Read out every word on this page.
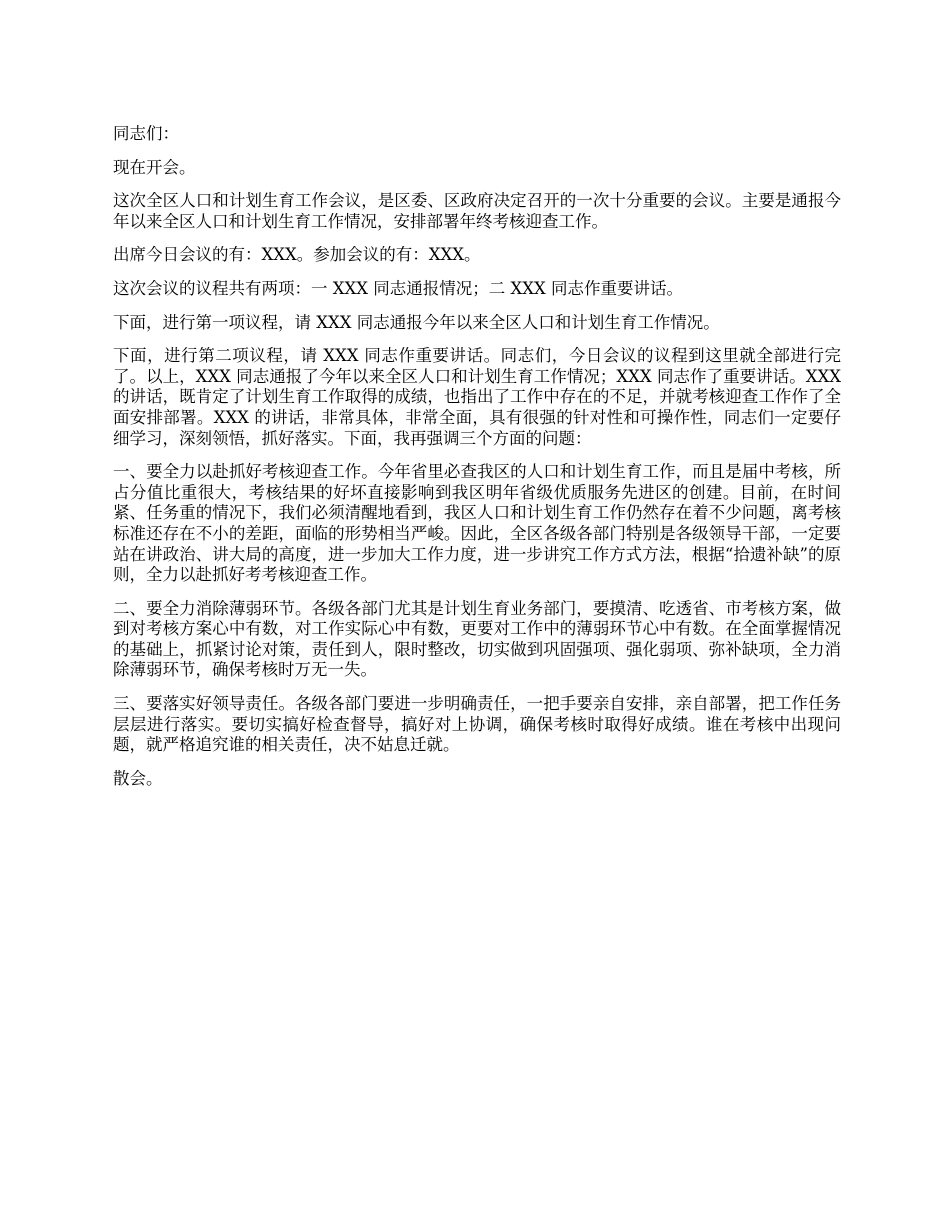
同志们：

现在开会。

这次全区人口和计划生育工作会议，是区委、区政府决定召开的一次十分重要的会议。主要是通报今年以来全区人口和计划生育工作情况，安排部署年终考核迎查工作。

出席今日会议的有：XXX。参加会议的有：XXX。

这次会议的议程共有两项：一 XXX 同志通报情况；二 XXX 同志作重要讲话。

下面，进行第一项议程，请 XXX 同志通报今年以来全区人口和计划生育工作情况。

下面，进行第二项议程，请 XXX 同志作重要讲话。同志们，今日会议的议程到这里就全部进行完了。以上，XXX 同志通报了今年以来全区人口和计划生育工作情况；XXX 同志作了重要讲话。XXX 的讲话，既肯定了计划生育工作取得的成绩，也指出了工作中存在的不足，并就考核迎查工作作了全面安排部署。XXX 的讲话，非常具体，非常全面，具有很强的针对性和可操作性，同志们一定要仔细学习，深刻领悟，抓好落实。下面，我再强调三个方面的问题：

一、要全力以赴抓好考核迎查工作。今年省里必查我区的人口和计划生育工作，而且是届中考核，所占分值比重很大，考核结果的好坏直接影响到我区明年省级优质服务先进区的创建。目前，在时间紧、任务重的情况下，我们必须清醒地看到，我区人口和计划生育工作仍然存在着不少问题，离考核标准还存在不小的差距，面临的形势相当严峻。因此，全区各级各部门特别是各级领导干部，一定要站在讲政治、讲大局的高度，进一步加大工作力度，进一步讲究工作方式方法，根据“拾遗补缺”的原则，全力以赴抓好考考核迎查工作。

二、要全力消除薄弱环节。各级各部门尤其是计划生育业务部门，要摸清、吃透省、市考核方案，做到对考核方案心中有数，对工作实际心中有数，更要对工作中的薄弱环节心中有数。在全面掌握情况的基础上，抓紧讨论对策，责任到人，限时整改，切实做到巩固强项、强化弱项、弥补缺项，全力消除薄弱环节，确保考核时万无一失。

三、要落实好领导责任。各级各部门要进一步明确责任，一把手要亲自安排，亲自部署，把工作任务层层进行落实。要切实搞好检查督导，搞好对上协调，确保考核时取得好成绩。谁在考核中出现问题，就严格追究谁的相关责任，决不姑息迁就。

散会。
